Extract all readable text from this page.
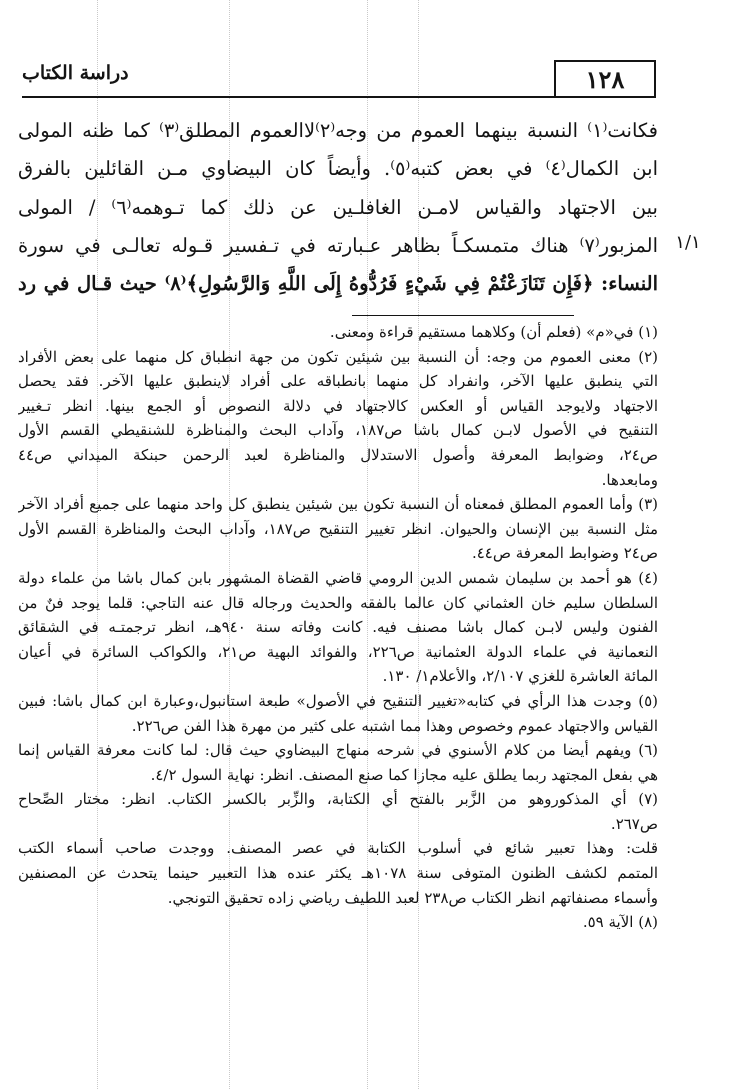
دراسة الكتاب	١٢٨
١/١
فكانت⁽١⁾ النسبة بينهما العموم من وجه⁽٢⁾لاالعموم المطلق⁽٣⁾ كما ظنه المولى
ابن الكمال⁽٤⁾ في بعض كتبه⁽٥⁾. وأيضاً كان البيضاوي مـن القائلين بالفرق
بين الاجتهاد والقياس لامـن الغافلـين عن ذلك كما تـوهمه⁽٦⁾ / المولى
المزبور⁽٧⁾ هناك متمسكـاً بظاهر عـبارته في تـفسير قـوله تعالـى في سورة
النساء: ﴿فَإِن تَنَازَعْتُمْ فِي شَيْءٍ فَرُدُّوهُ إِلَى اللَّهِ وَالرَّسُولِ﴾⁽٨⁾ حيث قـال في رد
(١) في«م» (فعلم أن) وكلاهما مستقيم قراءة ومعنى.
(٢) معنى العموم من وجه: أن النسبة بين شيئين تكون من جهة انطباق كل منهما على بعض الأفراد
التي ينطبق عليها الآخر، وانفراد كل منهما بانطباقه على أفراد لاينطبق عليها الآخر. فقد يحصل
الاجتهاد ولايوجد القياس أو العكس كالاجتهاد في دلالة النصوص أو الجمع بينها. انظر تـغيير
التنقيح في الأصول لابـن كمال باشا ص١٨٧، وآداب البحث والمناظرة للشنقيطي القسم الأول
ص٢٤، وضوابط المعرفة وأصول الاستدلال والمناظرة لعبد الرحمن حبنكة الميداني ص٤٤
ومابعدها.
(٣) وأما العموم المطلق فمعناه أن النسبة تكون بين شيئين ينطبق كل واحد منهما على جميع أفراد الآخر
مثل النسبة بين الإنسان والحيوان. انظر تغيير التنقيح ص١٨٧، وآداب البحث والمناظرة القسم الأول
ص٢٤ وضوابط المعرفة ص٤٤.
(٤) هو أحمد بن سليمان شمس الدين الرومي قاضي القضاة المشهور بابن كمال باشا من علماء دولة
السلطان سليم خان العثماني كان عالما بالفقه والحديث ورجاله قال عنه التاجي: قلما يوجد فنٌ من
الفنون وليس لابـن كمال باشا مصنف فيه. كانت وفاته سنة ٩٤٠هـ، انظر ترجمتـه في الشقائق
النعمانية في علماء الدولة العثمانية ص٢٢٦، والفوائد البهية ص٢١، والكواكب السائرة في أعيان
المائة العاشرة للغزي ٢/١٠٧، والأعلام١/ ١٣٠.
(٥) وجدت هذا الرأي في كتابه«تغيير التنقيح في الأصول» طبعة استانبول،وعبارة ابن كمال باشا: فبين
القياس والاجتهاد عموم وخصوص وهذا مما اشتبه على كثير من مهرة هذا الفن ص٢٢٦.
(٦) ويفهم أيضا من كلام الأسنوي في شرحه منهاج البيضاوي حيث قال: لما كانت معرفة القياس إنما
هي بفعل المجتهد ربما يطلق عليه مجازا كما صنع المصنف. انظر: نهاية السول ٤/٢.
(٧) أي المذكوروهو من الزَّبر بالفتح أي الكتابة، والزِّبر بالكسر الكتاب. انظر: مختار الصِّحاح
ص٢٦٧.
قلت: وهذا تعبير شائع في أسلوب الكتابة في عصر المصنف. ووجدت صاحب أسماء الكتب
المتمم لكشف الظنون المتوفى سنة ١٠٧٨هـ يكثر عنده هذا التعبير حينما يتحدث عن المصنفين
وأسماء مصنفاتهم انظر الكتاب ص٢٣٨ لعبد اللطيف رياضي زاده تحقيق التونجي.
(٨) الآية ٥٩.
